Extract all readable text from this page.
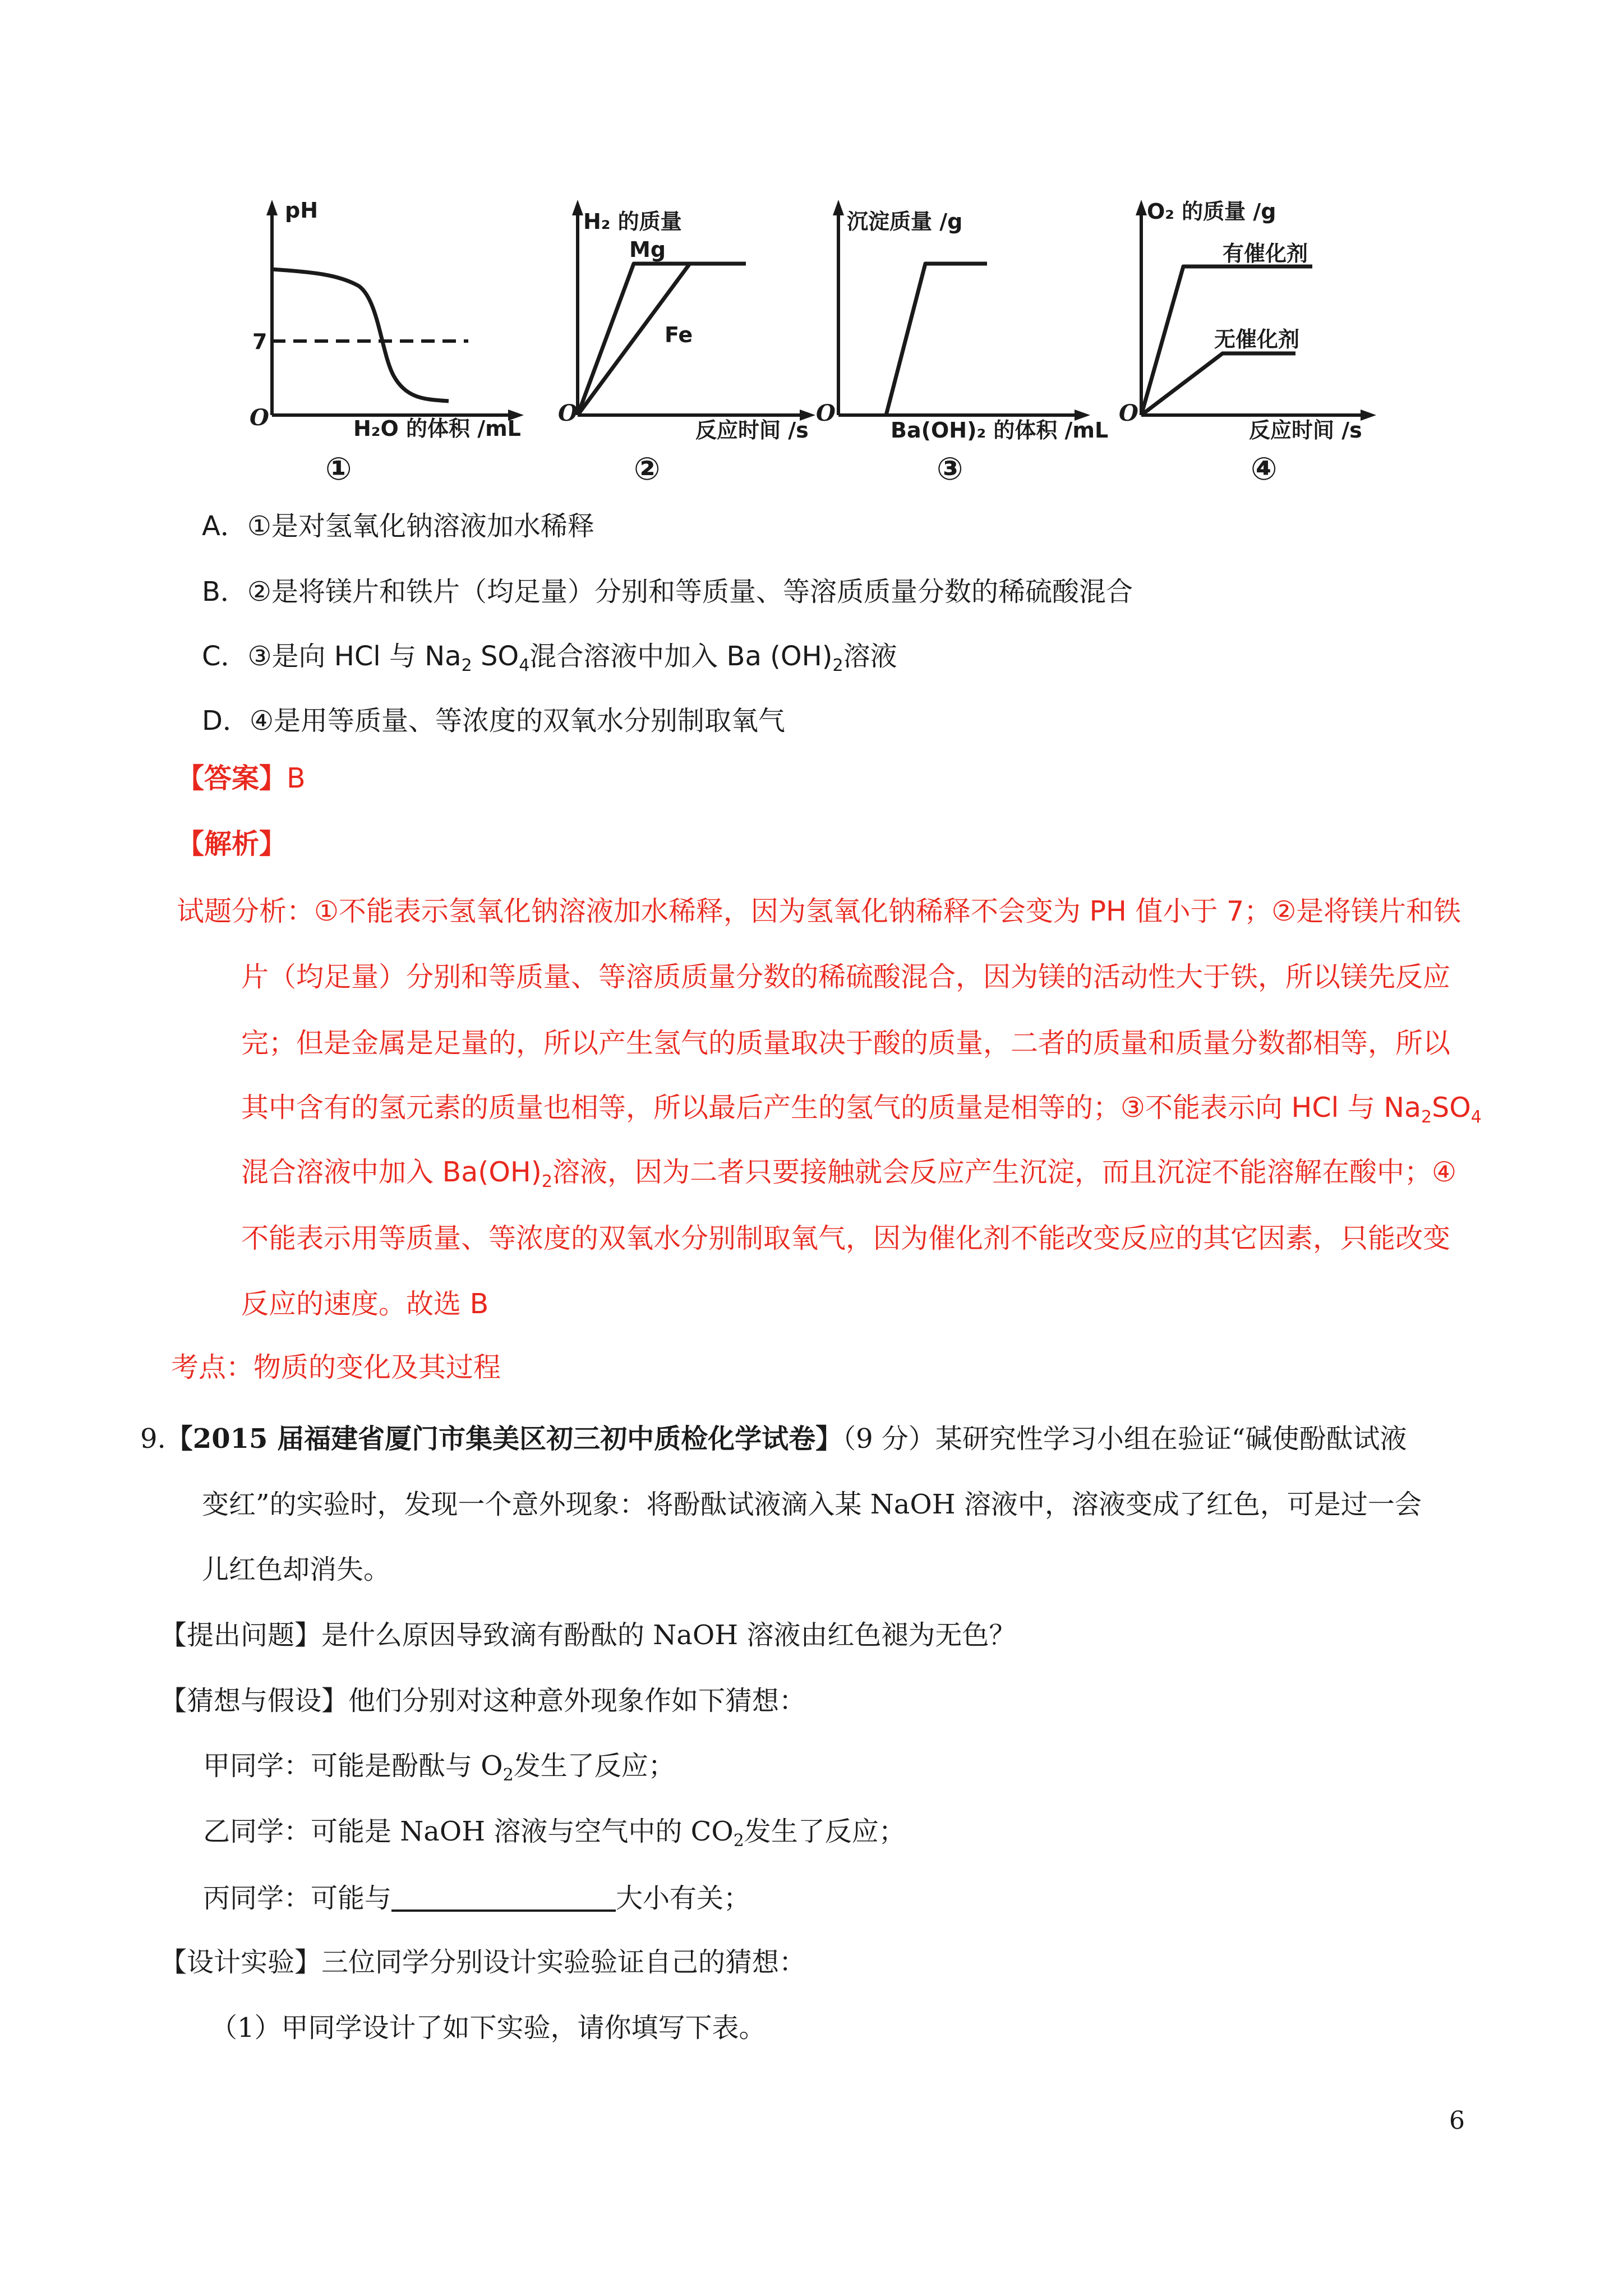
pH
7
O	H₂O 的体积 /mL
①
H₂ 的质量
Mg
Fe
O
反应时间 /s
②
沉淀质量 /g
O
Ba(OH)₂ 的体积 /mL
③
O₂ 的质量 /g
有催化剂
无催化剂
O
反应时间 /s
④
A．①是对氢氧化钠溶液加水稀释
B．②是将镁片和铁片（均足量）分别和等质量、等溶质质量分数的稀硫酸混合
C．③是向 HCl 与 $Na_2$ $SO_4$混合溶液中加入 Ba $(OH)_2$溶液
D．④是用等质量、等浓度的双氧水分别制取氧气
【答案】B
【解析】
试题分析：①不能表示氢氧化钠溶液加水稀释，因为氢氧化钠稀释不会变为 PH 值小于 7；②是将镁片和铁
片（均足量）分别和等质量、等溶质质量分数的稀硫酸混合，因为镁的活动性大于铁，所以镁先反应
完；但是金属是足量的，所以产生氢气的质量取决于酸的质量，二者的质量和质量分数都相等，所以
其中含有的氢元素的质量也相等，所以最后产生的氢气的质量是相等的；③不能表示向 HCl 与 $Na_2SO_4$
混合溶液中加入 $Ba(OH)_2$溶液，因为二者只要接触就会反应产生沉淀，而且沉淀不能溶解在酸中；④
不能表示用等质量、等浓度的双氧水分别制取氧气，因为催化剂不能改变反应的其它因素，只能改变
反应的速度。故选 B
考点：物质的变化及其过程
9.【2015 届福建省厦门市集美区初三初中质检化学试卷】（9 分）某研究性学习小组在验证“碱使酚酞试液
变红”的实验时，发现一个意外现象：将酚酞试液滴入某 NaOH 溶液中，溶液变成了红色，可是过一会
儿红色却消失。
【提出问题】是什么原因导致滴有酚酞的 NaOH 溶液由红色褪为无色？
【猜想与假设】他们分别对这种意外现象作如下猜想：
甲同学：可能是酚酞与 $O_2$发生了反应；
乙同学：可能是 NaOH 溶液与空气中的 $CO_2$发生了反应；
丙同学：可能与	大小有关；
【设计实验】三位同学分别设计实验验证自己的猜想：
（1）甲同学设计了如下实验，请你填写下表。
6
